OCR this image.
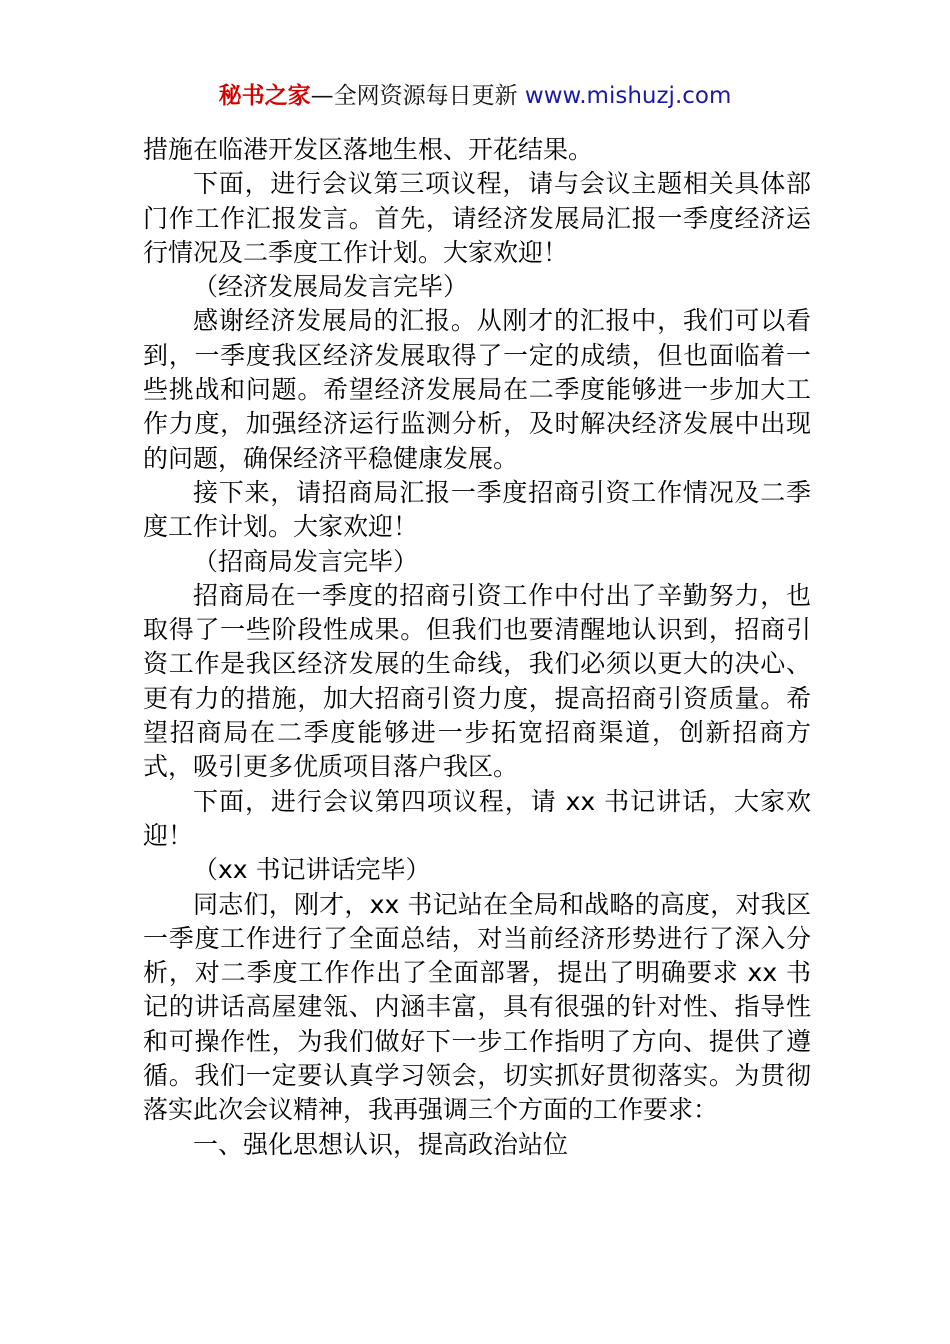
秘书之家—全网资源每日更新 www.mishuzj.com

措施在临港开发区落地生根、开花结果。

下面，进行会议第三项议程，请与会议主题相关具体部门作工作汇报发言。首先，请经济发展局汇报一季度经济运行情况及二季度工作计划。大家欢迎！

（经济发展局发言完毕）

感谢经济发展局的汇报。从刚才的汇报中，我们可以看到，一季度我区经济发展取得了一定的成绩，但也面临着一些挑战和问题。希望经济发展局在二季度能够进一步加大工作力度，加强经济运行监测分析，及时解决经济发展中出现的问题，确保经济平稳健康发展。

接下来，请招商局汇报一季度招商引资工作情况及二季度工作计划。大家欢迎！

（招商局发言完毕）

招商局在一季度的招商引资工作中付出了辛勤努力，也取得了一些阶段性成果。但我们也要清醒地认识到，招商引资工作是我区经济发展的生命线，我们必须以更大的决心、更有力的措施，加大招商引资力度，提高招商引资质量。希望招商局在二季度能够进一步拓宽招商渠道，创新招商方式，吸引更多优质项目落户我区。

下面，进行会议第四项议程，请 xx 书记讲话，大家欢迎！

（xx 书记讲话完毕）

同志们，刚才，xx 书记站在全局和战略的高度，对我区一季度工作进行了全面总结，对当前经济形势进行了深入分析，对二季度工作作出了全面部署，提出了明确要求 xx 书记的讲话高屋建瓴、内涵丰富，具有很强的针对性、指导性和可操作性，为我们做好下一步工作指明了方向、提供了遵循。我们一定要认真学习领会，切实抓好贯彻落实。为贯彻落实此次会议精神，我再强调三个方面的工作要求：

一、强化思想认识，提高政治站位
